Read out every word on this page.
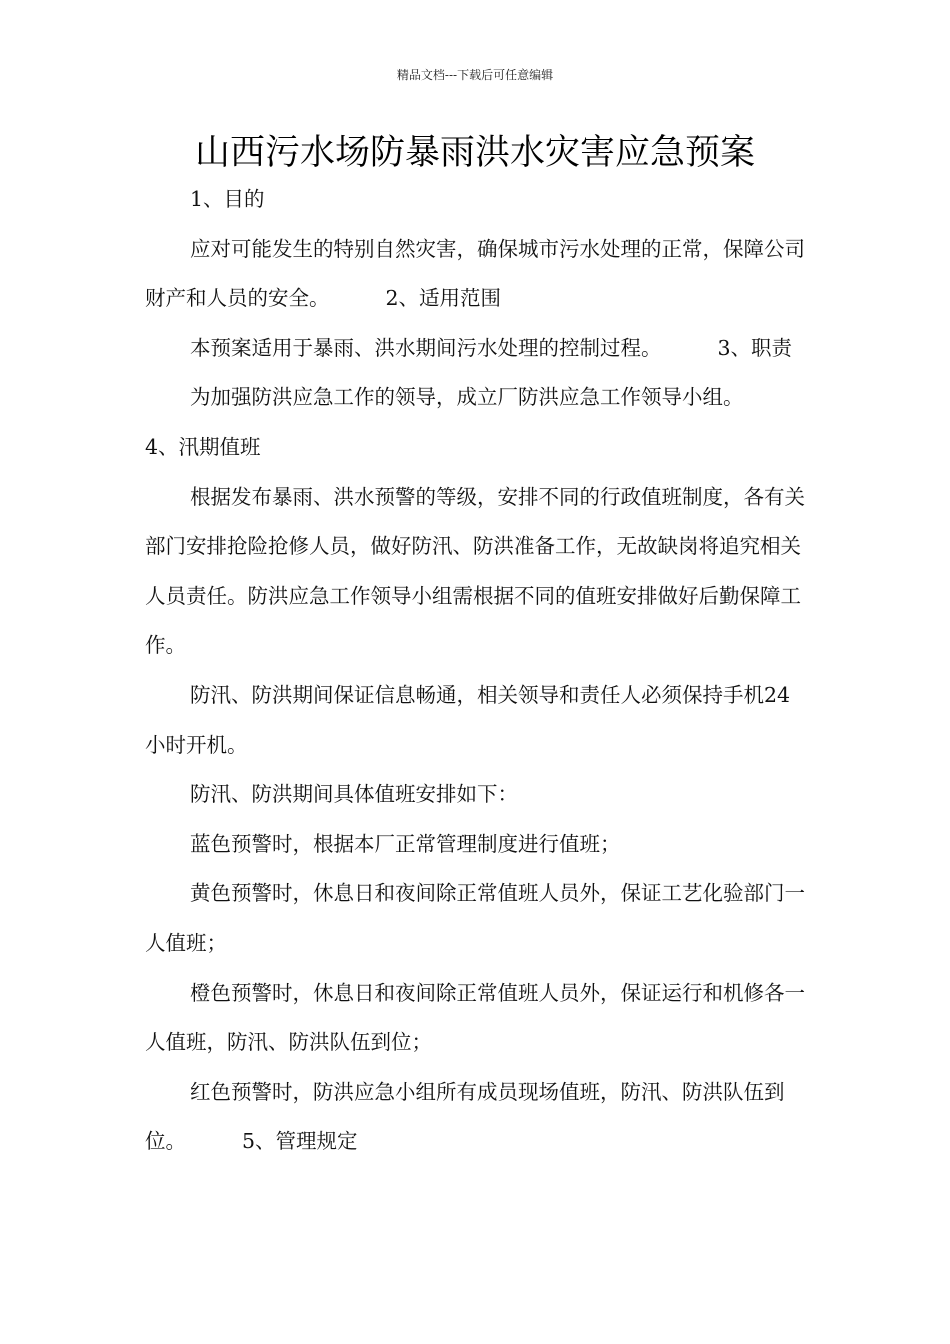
精品文档---下载后可任意编辑
山西污水场防暴雨洪水灾害应急预案

1、目的

应对可能发生的特别自然灾害，确保城市污水处理的正常，保障公司财产和人员的安全。	2、适用范围

本预案适用于暴雨、洪水期间污水处理的控制过程。	3、职责

为加强防洪应急工作的领导，成立厂防洪应急工作领导小组。

4、汛期值班

根据发布暴雨、洪水预警的等级，安排不同的行政值班制度，各有关部门安排抢险抢修人员，做好防汛、防洪准备工作，无故缺岗将追究相关人员责任。防洪应急工作领导小组需根据不同的值班安排做好后勤保障工作。

防汛、防洪期间保证信息畅通，相关领导和责任人必须保持手机24小时开机。

防汛、防洪期间具体值班安排如下：

蓝色预警时，根据本厂正常管理制度进行值班；

黄色预警时，休息日和夜间除正常值班人员外，保证工艺化验部门一人值班；

橙色预警时，休息日和夜间除正常值班人员外，保证运行和机修各一人值班，防汛、防洪队伍到位；

红色预警时，防洪应急小组所有成员现场值班，防汛、防洪队伍到位。	5、管理规定
